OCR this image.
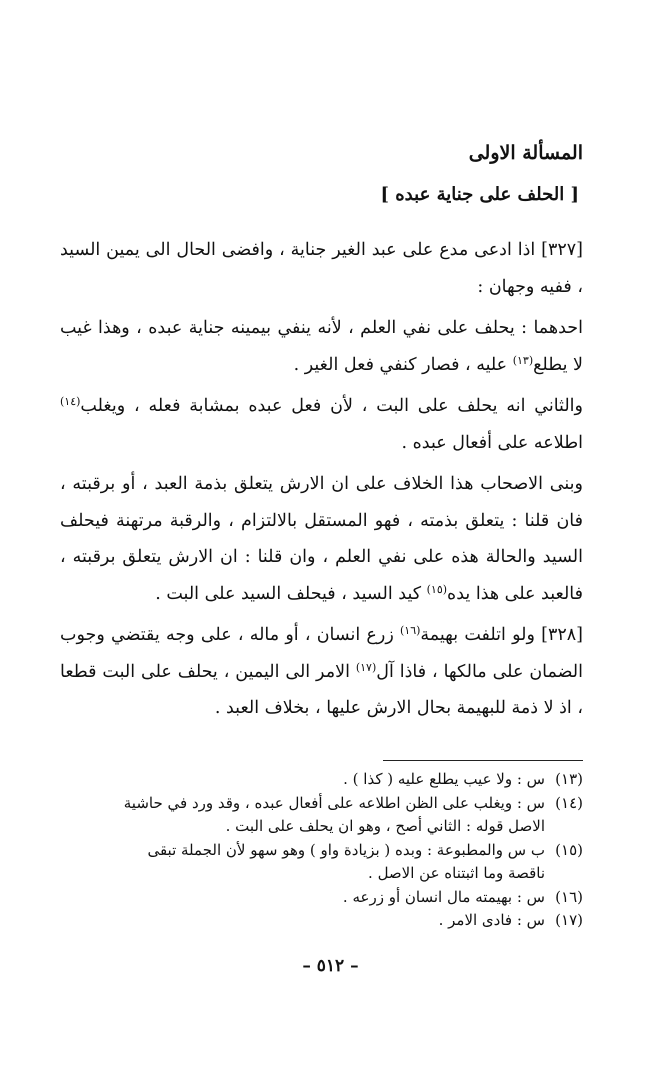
المسألة الاولى
[ الحلف على جناية عبده ]

[٣٢٧] اذا ادعى مدع على عبد الغير جناية ، وافضى الحال الى يمين السيد ، ففيه وجهان :

احدهما : يحلف على نفي العلم ، لأنه ينفي بيمينه جناية عبده ، وهذا غيب لا يطلع$^{(١٣)}$ عليه ، فصار كنفي فعل الغير .

والثاني انه يحلف على البت ، لأن فعل عبده بمشابة فعله ، ويغلب$^{(١٤)}$ اطلاعه على أفعال عبده .

وبنى الاصحاب هذا الخلاف على ان الارش يتعلق بذمة العبد ، أو برقبته ، فان قلنا : يتعلق بذمته ، فهو المستقل بالالتزام ، والرقبة مرتهنة فيحلف السيد والحالة هذه على نفي العلم ، وان قلنا : ان الارش يتعلق برقبته ، فالعبد على هذا يده$^{(١٥)}$ كيد السيد ، فيحلف السيد على البت .

[٣٢٨] ولو اتلفت بهيمة$^{(١٦)}$ زرع انسان ، أو ماله ، على وجه يقتضي وجوب الضمان على مالكها ، فاذا آل$^{(١٧)}$ الامر الى اليمين ، يحلف على البت قطعا ، اذ لا ذمة للبهيمة بحال الارش عليها ، بخلاف العبد .

(١٣)س : ولا عيب يطلع عليه ( كذا ) .

(١٤)س : ويغلب على الظن اطلاعه على أفعال عبده ، وقد ورد في حاشية

الاصل قوله : الثاني أصح ، وهو ان يحلف على البت .

(١٥)ب س والمطبوعة : وبده ( بزيادة واو ) وهو سهو لأن الجملة تبقى

ناقصة وما اثبتناه عن الاصل .

(١٦)س : بهيمته مال انسان أو زرعه .

(١٧)س : فادى الامر .

– ٥١٢ –
